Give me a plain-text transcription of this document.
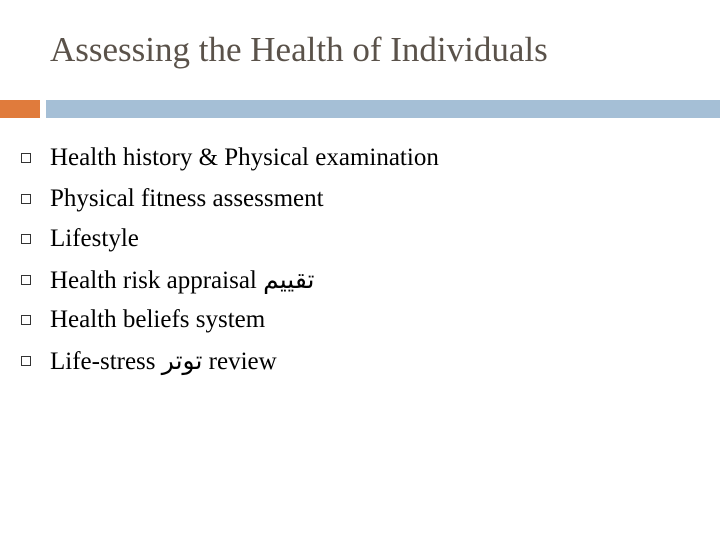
Assessing the Health of Individuals
Health history & Physical examination
Physical fitness assessment
Lifestyle
Health risk appraisal تقييم
Health beliefs system
Life-stress توتر review
